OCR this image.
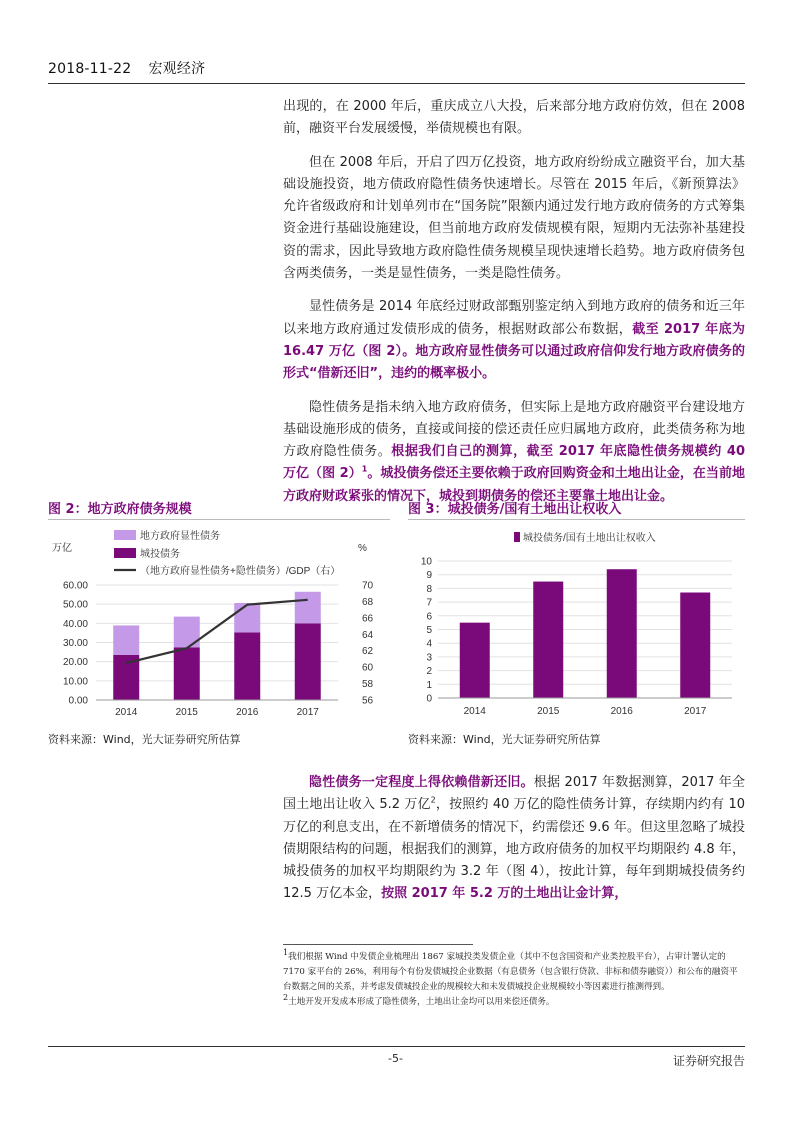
2018-11-22 宏观经济

出现的，在 2000 年后，重庆成立八大投，后来部分地方政府仿效，但在 2008 前，融资平台发展缓慢，举债规模也有限。

但在 2008 年后，开启了四万亿投资，地方政府纷纷成立融资平台，加大基础设施投资，地方债政府隐性债务快速增长。尽管在 2015 年后，《新预算法》允许省级政府和计划单列市在“国务院”限额内通过发行地方政府债务的方式筹集资金进行基础设施建设，但当前地方政府发债规模有限，短期内无法弥补基建投资的需求，因此导致地方政府隐性债务规模呈现快速增长趋势。地方政府债务包含两类债务，一类是显性债务，一类是隐性债务。

显性债务是 2014 年底经过财政部甄别鉴定纳入到地方政府的债务和近三年以来地方政府通过发债形成的债务，根据财政部公布数据，截至 2017 年底为 16.47 万亿（图 2）。地方政府显性债务可以通过政府信仰发行地方政府债务的形式“借新还旧”，违约的概率极小。

隐性债务是指未纳入地方政府债务，但实际上是地方政府融资平台建设地方基础设施形成的债务，直接或间接的偿还责任应归属地方政府，此类债务称为地方政府隐性债务。根据我们自己的测算，截至 2017 年底隐性债务规模约 40 万亿（图 2）$^1$。城投债务偿还主要依赖于政府回购资金和土地出让金，在当前地方政府财政紧张的情况下，城投到期债务的偿还主要靠土地出让金。

图 2：地方政府债务规模
万亿	%
0.00
10.00
20.00
30.00
40.00
50.00
60.00
56
58
60
62
64
66
68
70
2014	2015	2016	2017
地方政府显性债务
城投债务
（地方政府显性债务+隐性债务）/GDP（右）
资料来源：Wind，光大证券研究所估算
图 3：城投债务/国有土地出让权收入
0
1
2
3
4
5
6
7
8
9
10
2014	2015	2016	2017
城投债务/国有土地出让权收入
资料来源：Wind，光大证券研究所估算

隐性债务一定程度上得依赖借新还旧。根据 2017 年数据测算，2017 年全国土地出让收入 5.2 万亿$^2$，按照约 40 万亿的隐性债务计算，存续期内约有 10 万亿的利息支出，在不新增债务的情况下，约需偿还 9.6 年。但这里忽略了城投债期限结构的问题，根据我们的测算，地方政府债务的加权平均期限约 4.8 年，城投债务的加权平均期限约为 3.2 年（图 4），按此计算，每年到期城投债务约 12.5 万亿本金，按照 2017 年 5.2 万的土地出让金计算，

$^1$我们根据 Wind 中发债企业梳理出 1867 家城投类发债企业（其中不包含国资和产业类控股平台），占审计署认定的 7170 家平台的 26%，利用每个有份发债城投企业数据（有息债务（包含银行贷款、非标和债券融资））和公布的融资平台数据之间的关系，并考虑发债城投企业的规模较大和未发债城投企业规模较小等因素进行推测得到。

$^2$土地开发开发成本形成了隐性债务，土地出让金均可以用来偿还债务。

-5-	证券研究报告
